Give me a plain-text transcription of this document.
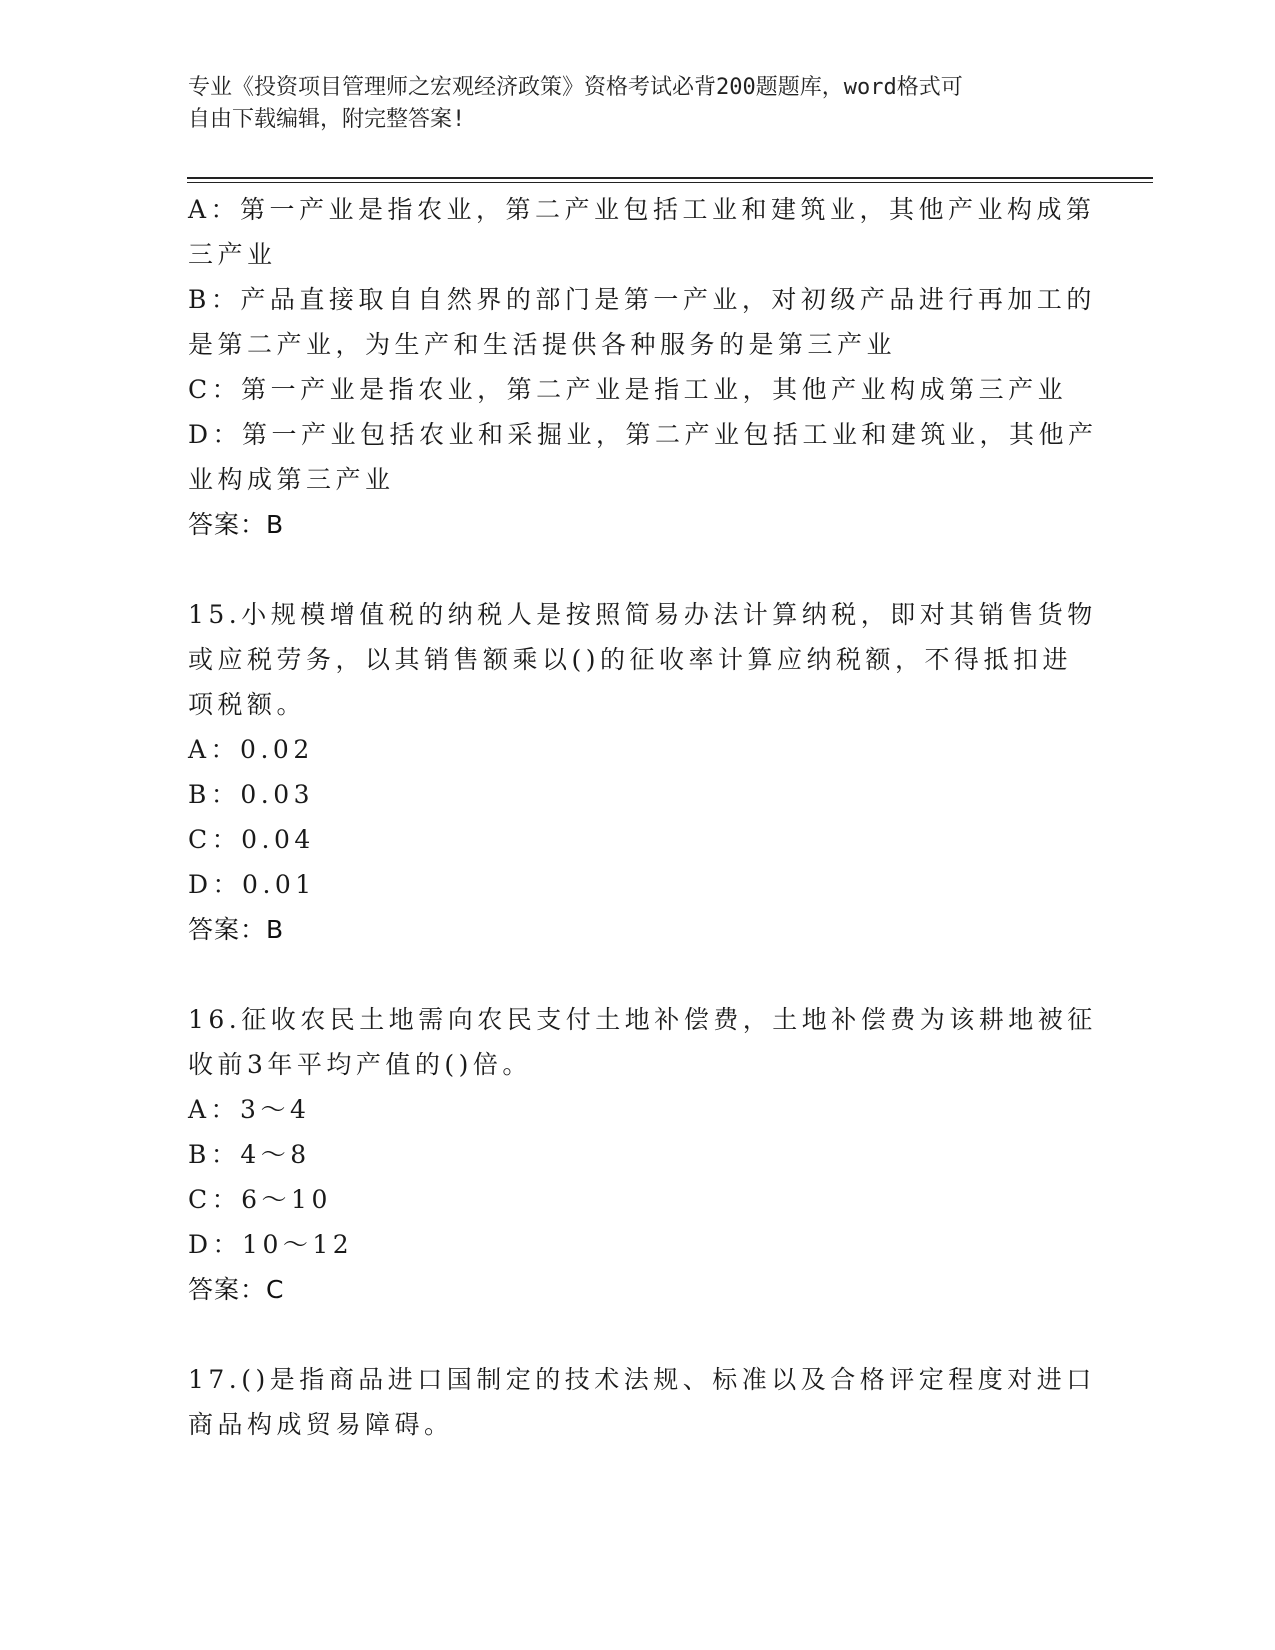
专业《投资项目管理师之宏观经济政策》资格考试必背200题题库，word格式可
自由下载编辑，附完整答案!
A：第一产业是指农业，第二产业包括工业和建筑业，其他产业构成第
三产业
B：产品直接取自自然界的部门是第一产业，对初级产品进行再加工的
是第二产业，为生产和生活提供各种服务的是第三产业
C：第一产业是指农业，第二产业是指工业，其他产业构成第三产业
D：第一产业包括农业和采掘业，第二产业包括工业和建筑业，其他产
业构成第三产业
答案：B
15.小规模增值税的纳税人是按照简易办法计算纳税，即对其销售货物
或应税劳务，以其销售额乘以()的征收率计算应纳税额，不得抵扣进
项税额。
A：0.02
B：0.03
C：0.04
D：0.01
答案：B
16.征收农民土地需向农民支付土地补偿费，土地补偿费为该耕地被征
收前3年平均产值的()倍。
A：3～4
B：4～8
C：6～10
D：10～12
答案：C
17.()是指商品进口国制定的技术法规、标准以及合格评定程度对进口
商品构成贸易障碍。
